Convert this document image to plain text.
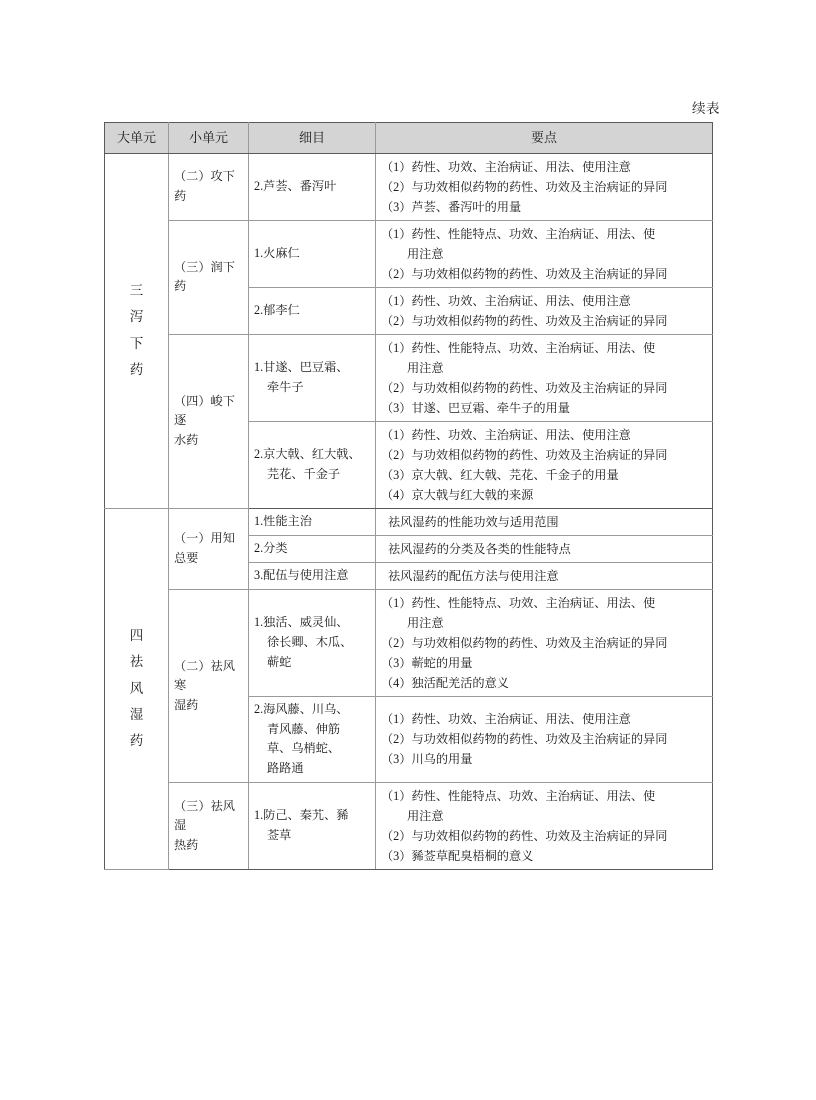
续表
大单元	小单元	细目	要点

三
泻
下
药	（二）攻下药	2.芦荟、番泻叶	（1）药性、功效、主治病证、用法、使用注意
（2）与功效相似药物的药性、功效及主治病证的异同
（3）芦荟、番泻叶的用量

	（三）润下药	1.火麻仁	（1）药性、性能特点、功效、主治病证、用法、使
用注意
（2）与功效相似药物的药性、功效及主治病证的异同

		2.郁李仁	（1）药性、功效、主治病证、用法、使用注意
（2）与功效相似药物的药性、功效及主治病证的异同

	（四）峻下逐
水药	1.甘遂、巴豆霜、
牵牛子	（1）药性、性能特点、功效、主治病证、用法、使
用注意
（2）与功效相似药物的药性、功效及主治病证的异同
（3）甘遂、巴豆霜、牵牛子的用量

		2.京大戟、红大戟、
芫花、千金子	（1）药性、功效、主治病证、用法、使用注意
（2）与功效相似药物的药性、功效及主治病证的异同
（3）京大戟、红大戟、芫花、千金子的用量
（4）京大戟与红大戟的来源

四
祛
风
湿
药	（一）用知
总要	1.性能主治	祛风湿药的性能功效与适用范围

		2.分类	祛风湿药的分类及各类的性能特点

		3.配伍与使用注意	祛风湿药的配伍方法与使用注意

	（二）祛风寒
湿药	1.独活、威灵仙、
徐长卿、木瓜、
蕲蛇	（1）药性、性能特点、功效、主治病证、用法、使
用注意
（2）与功效相似药物的药性、功效及主治病证的异同
（3）蕲蛇的用量
（4）独活配羌活的意义

		2.海风藤、川乌、
青风藤、伸筋
草、乌梢蛇、
路路通	（1）药性、功效、主治病证、用法、使用注意
（2）与功效相似药物的药性、功效及主治病证的异同
（3）川乌的用量

	（三）祛风湿
热药	1.防己、秦艽、豨
莶草	（1）药性、性能特点、功效、主治病证、用法、使
用注意
（2）与功效相似药物的药性、功效及主治病证的异同
（3）豨莶草配臭梧桐的意义
